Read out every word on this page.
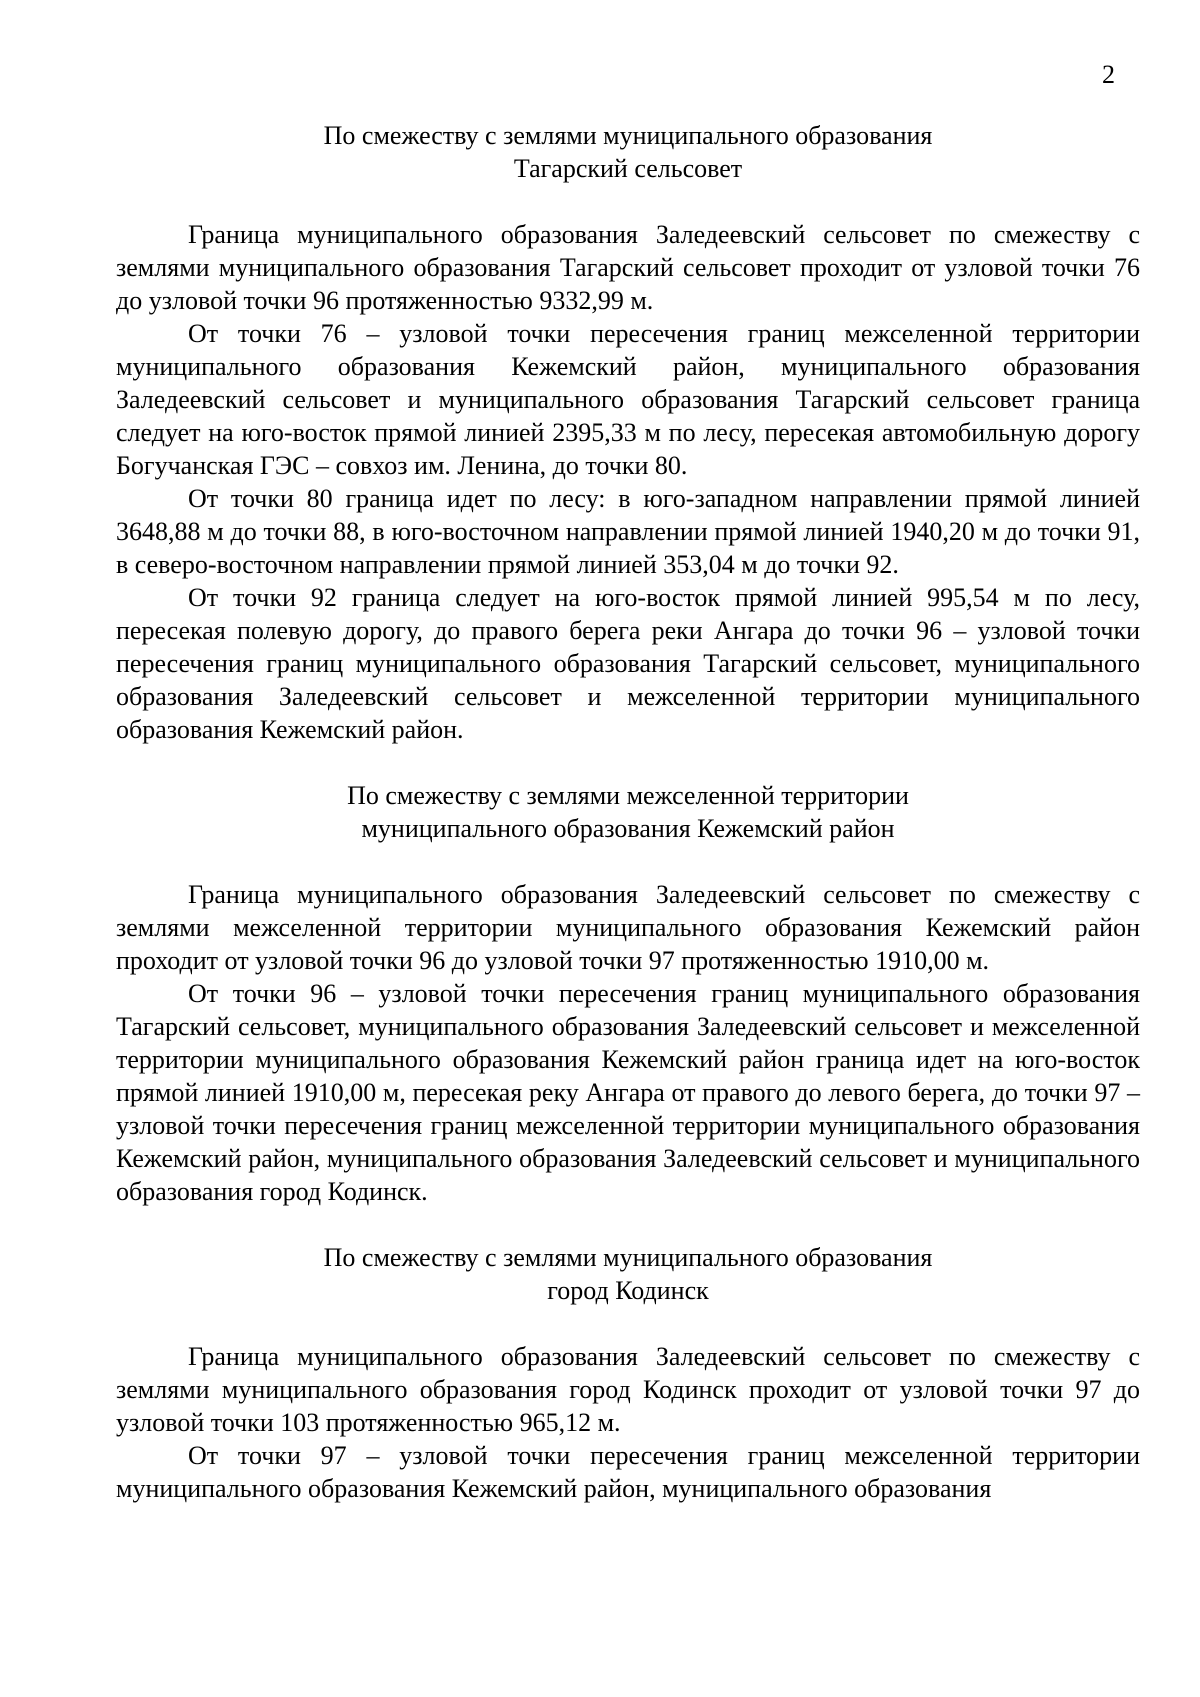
2
По смежеству с землями муниципального образования
Тагарский сельсовет

Граница муниципального образования Заледеевский сельсовет по смежеству с землями муниципального образования Тагарский сельсовет проходит от узловой точки 76 до узловой точки 96 протяженностью 9332,99 м.

От точки 76 – узловой точки пересечения границ межселенной территории муниципального образования Кежемский район, муниципального образования Заледеевский сельсовет и муниципального образования Тагарский сельсовет граница следует на юго-восток прямой линией 2395,33 м по лесу, пересекая автомобильную дорогу Богучанская ГЭС – совхоз им. Ленина, до точки 80.

От точки 80 граница идет по лесу: в юго-западном направлении прямой линией 3648,88 м до точки 88, в юго-восточном направлении прямой линией 1940,20 м до точки 91, в северо-восточном направлении прямой линией 353,04 м до точки 92.

От точки 92 граница следует на юго-восток прямой линией 995,54 м по лесу, пересекая полевую дорогу, до правого берега реки Ангара до точки 96 – узловой точки пересечения границ муниципального образования Тагарский сельсовет, муниципального образования Заледеевский сельсовет и межселенной территории муниципального образования Кежемский район.

По смежеству с землями межселенной территории
муниципального образования Кежемский район

Граница муниципального образования Заледеевский сельсовет по смежеству с землями межселенной территории муниципального образования Кежемский район проходит от узловой точки 96 до узловой точки 97 протяженностью 1910,00 м.

От точки 96 – узловой точки пересечения границ муниципального образования Тагарский сельсовет, муниципального образования Заледеевский сельсовет и межселенной территории муниципального образования Кежемский район граница идет на юго-восток прямой линией 1910,00 м, пересекая реку Ангара от правого до левого берега, до точки 97 – узловой точки пересечения границ межселенной территории муниципального образования Кежемский район, муниципального образования Заледеевский сельсовет и муниципального образования город Кодинск.

По смежеству с землями муниципального образования
город Кодинск

Граница муниципального образования Заледеевский сельсовет по смежеству с землями муниципального образования город Кодинск проходит от узловой точки 97 до узловой точки 103 протяженностью 965,12 м.

От точки 97 – узловой точки пересечения границ межселенной территории муниципального образования Кежемский район, муниципального образования
